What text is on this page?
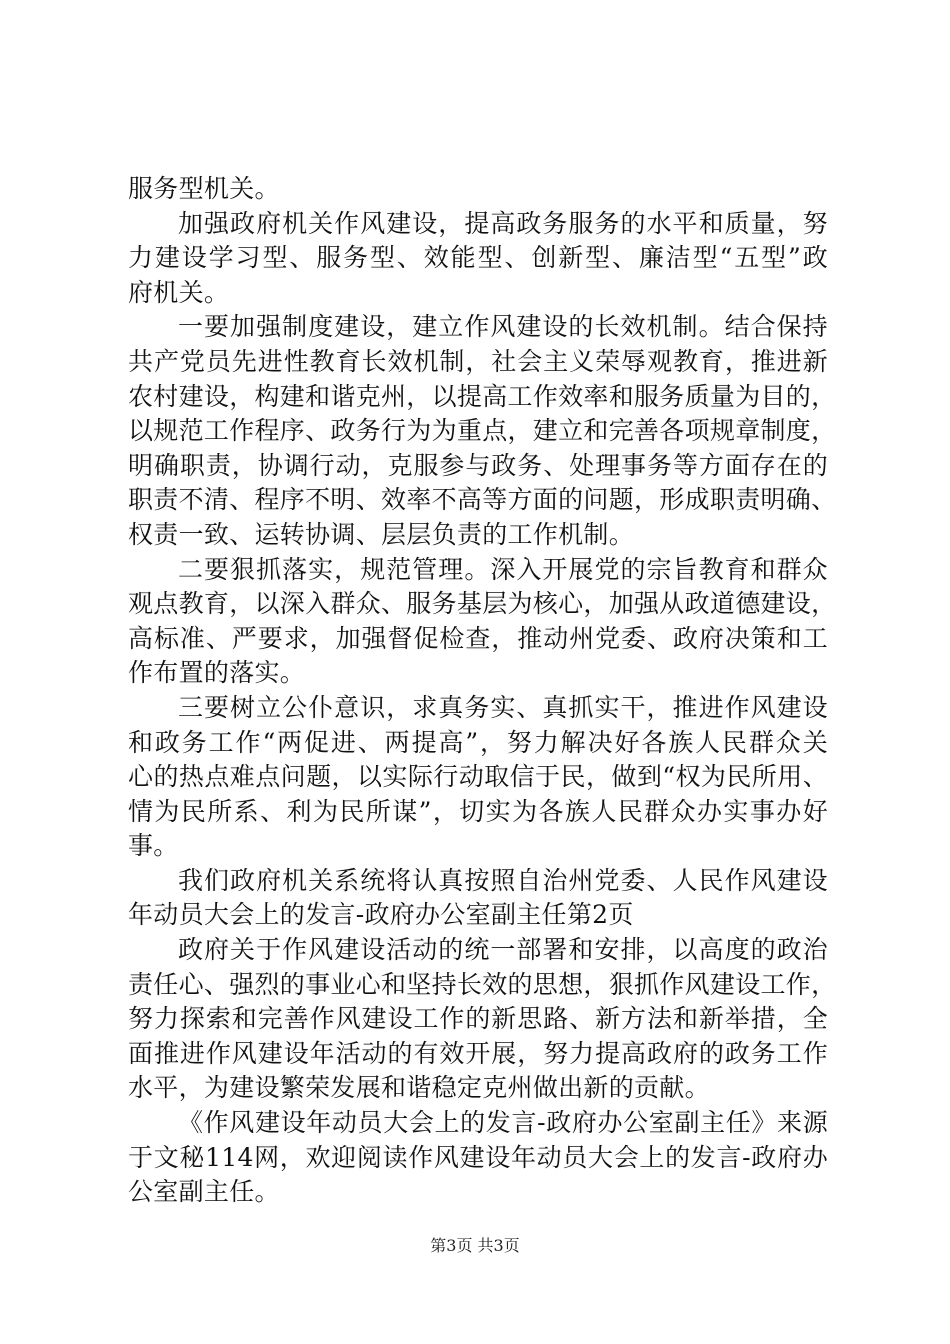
服务型机关。
加强政府机关作风建设，提高政务服务的水平和质量，努
力建设学习型、服务型、效能型、创新型、廉洁型“五型”政
府机关。
一要加强制度建设，建立作风建设的长效机制。结合保持
共产党员先进性教育长效机制，社会主义荣辱观教育，推进新
农村建设，构建和谐克州，以提高工作效率和服务质量为目的，
以规范工作程序、政务行为为重点，建立和完善各项规章制度，
明确职责，协调行动，克服参与政务、处理事务等方面存在的
职责不清、程序不明、效率不高等方面的问题，形成职责明确、
权责一致、运转协调、层层负责的工作机制。
二要狠抓落实，规范管理。深入开展党的宗旨教育和群众
观点教育，以深入群众、服务基层为核心，加强从政道德建设，
高标准、严要求，加强督促检查，推动州党委、政府决策和工
作布置的落实。
三要树立公仆意识，求真务实、真抓实干，推进作风建设
和政务工作“两促进、两提高”，努力解决好各族人民群众关
心的热点难点问题，以实际行动取信于民，做到“权为民所用、
情为民所系、利为民所谋”，切实为各族人民群众办实事办好
事。
我们政府机关系统将认真按照自治州党委、人民作风建设
年动员大会上的发言-政府办公室副主任第2页
政府关于作风建设活动的统一部署和安排，以高度的政治
责任心、强烈的事业心和坚持长效的思想，狠抓作风建设工作，
努力探索和完善作风建设工作的新思路、新方法和新举措，全
面推进作风建设年活动的有效开展，努力提高政府的政务工作
水平，为建设繁荣发展和谐稳定克州做出新的贡献。
《作风建设年动员大会上的发言-政府办公室副主任》来源
于文秘114网，欢迎阅读作风建设年动员大会上的发言-政府办
公室副主任。
第3页 共3页
